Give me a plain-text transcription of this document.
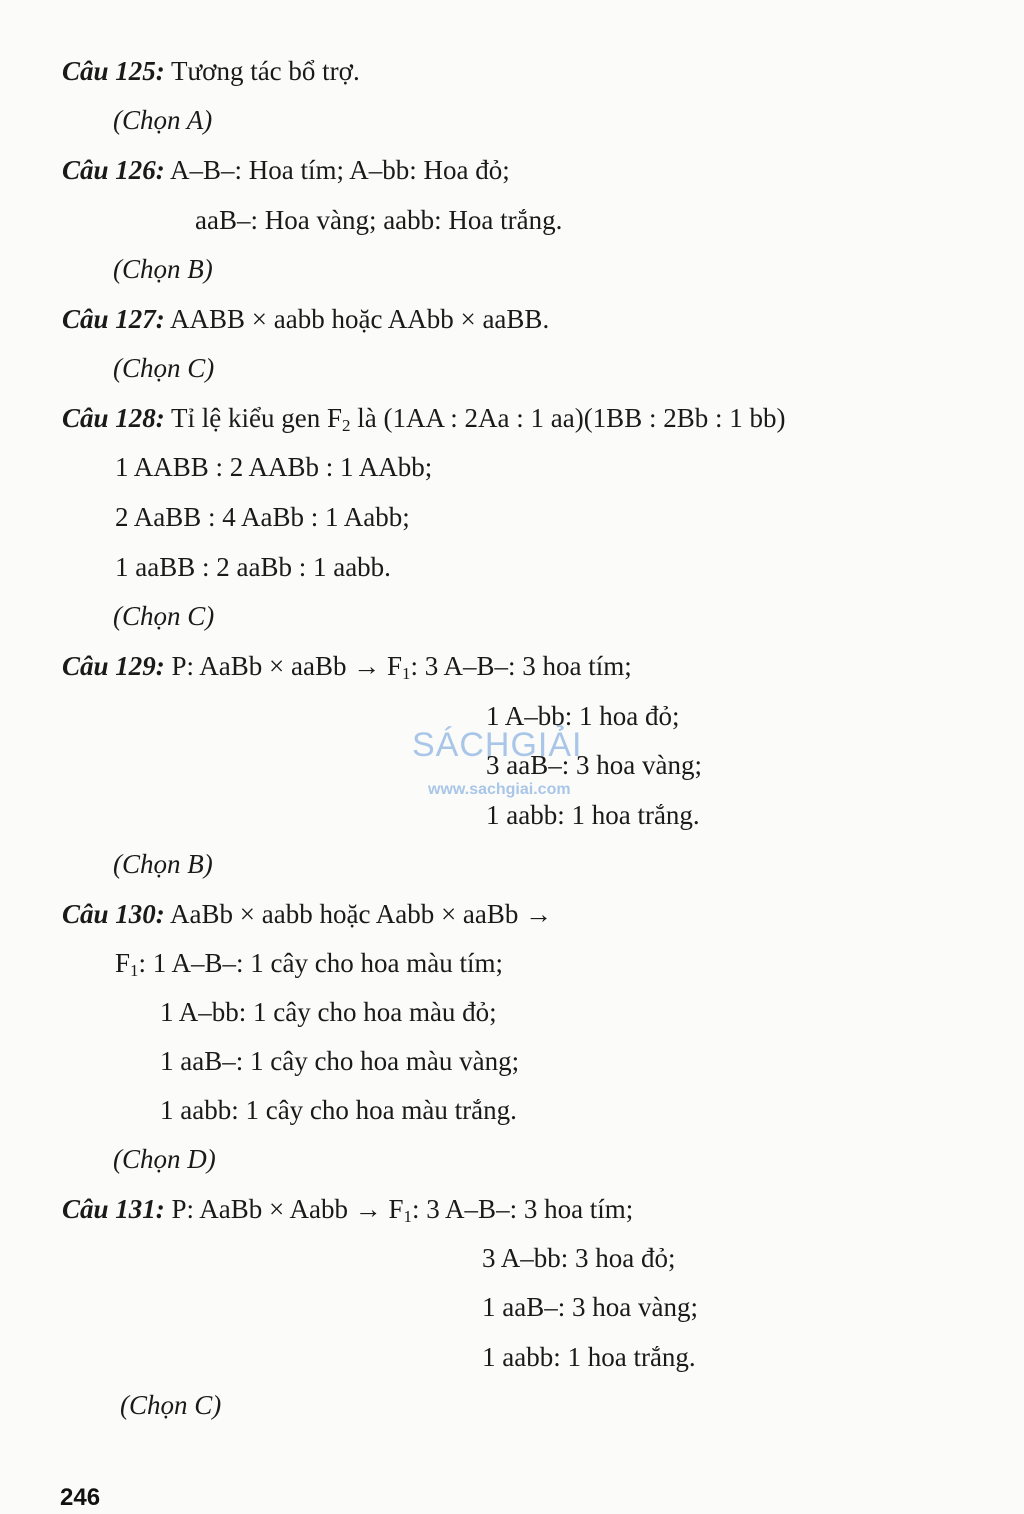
Câu 125: Tương tác bổ trợ.
(Chọn A)
Câu 126: A–B–: Hoa tím; A–bb: Hoa đỏ;
aaB–: Hoa vàng; aabb: Hoa trắng.
(Chọn B)
Câu 127: AABB × aabb hoặc AAbb × aaBB.
(Chọn C)
Câu 128: Tỉ lệ kiểu gen $F_2$ là (1AA : 2Aa : 1 aa)(1BB : 2Bb : 1 bb)
1 AABB : 2 AABb : 1 AAbb;
2 AaBB : 4 AaBb : 1 Aabb;
1 aaBB : 2 aaBb : 1 aabb.
(Chọn C)
Câu 129: P: AaBb × aaBb → $F_1$: 3 A–B–: 3 hoa tím;
SÁCHGIẢI
www.sachgiai.com
1 A–bb: 1 hoa đỏ;
3 aaB–: 3 hoa vàng;
1 aabb: 1 hoa trắng.
(Chọn B)
Câu 130: AaBb × aabb hoặc Aabb × aaBb →
$F_1$: 1 A–B–: 1 cây cho hoa màu tím;
1 A–bb: 1 cây cho hoa màu đỏ;
1 aaB–: 1 cây cho hoa màu vàng;
1 aabb: 1 cây cho hoa màu trắng.
(Chọn D)
Câu 131: P: AaBb × Aabb → $F_1$: 3 A–B–: 3 hoa tím;
3 A–bb: 3 hoa đỏ;
1 aaB–: 3 hoa vàng;
1 aabb: 1 hoa trắng.
(Chọn C)
246
